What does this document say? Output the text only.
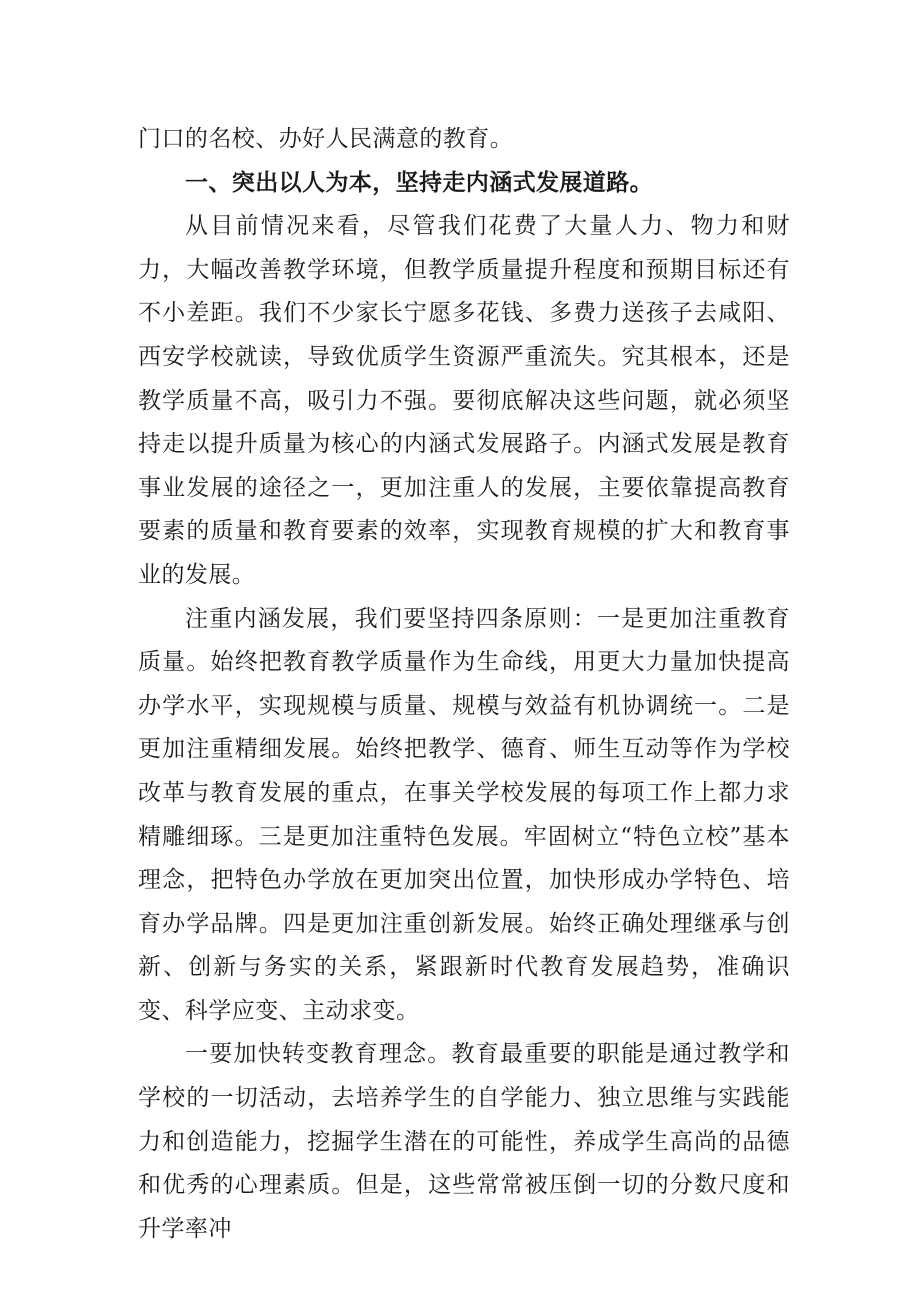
门口的名校、办好人民满意的教育。

一、突出以人为本，坚持走内涵式发展道路。

从目前情况来看，尽管我们花费了大量人力、物力和财力，大幅改善教学环境，但教学质量提升程度和预期目标还有不小差距。我们不少家长宁愿多花钱、多费力送孩子去咸阳、西安学校就读，导致优质学生资源严重流失。究其根本，还是教学质量不高，吸引力不强。要彻底解决这些问题，就必须坚持走以提升质量为核心的内涵式发展路子。内涵式发展是教育事业发展的途径之一，更加注重人的发展，主要依靠提高教育要素的质量和教育要素的效率，实现教育规模的扩大和教育事业的发展。

注重内涵发展，我们要坚持四条原则：一是更加注重教育质量。始终把教育教学质量作为生命线，用更大力量加快提高办学水平，实现规模与质量、规模与效益有机协调统一。二是更加注重精细发展。始终把教学、德育、师生互动等作为学校改革与教育发展的重点，在事关学校发展的每项工作上都力求精雕细琢。三是更加注重特色发展。牢固树立“特色立校”基本理念，把特色办学放在更加突出位置，加快形成办学特色、培育办学品牌。四是更加注重创新发展。始终正确处理继承与创新、创新与务实的关系，紧跟新时代教育发展趋势，准确识变、科学应变、主动求变。

一要加快转变教育理念。教育最重要的职能是通过教学和学校的一切活动，去培养学生的自学能力、独立思维与实践能力和创造能力，挖掘学生潜在的可能性，养成学生高尚的品德和优秀的心理素质。但是，这些常常被压倒一切的分数尺度和升学率冲
